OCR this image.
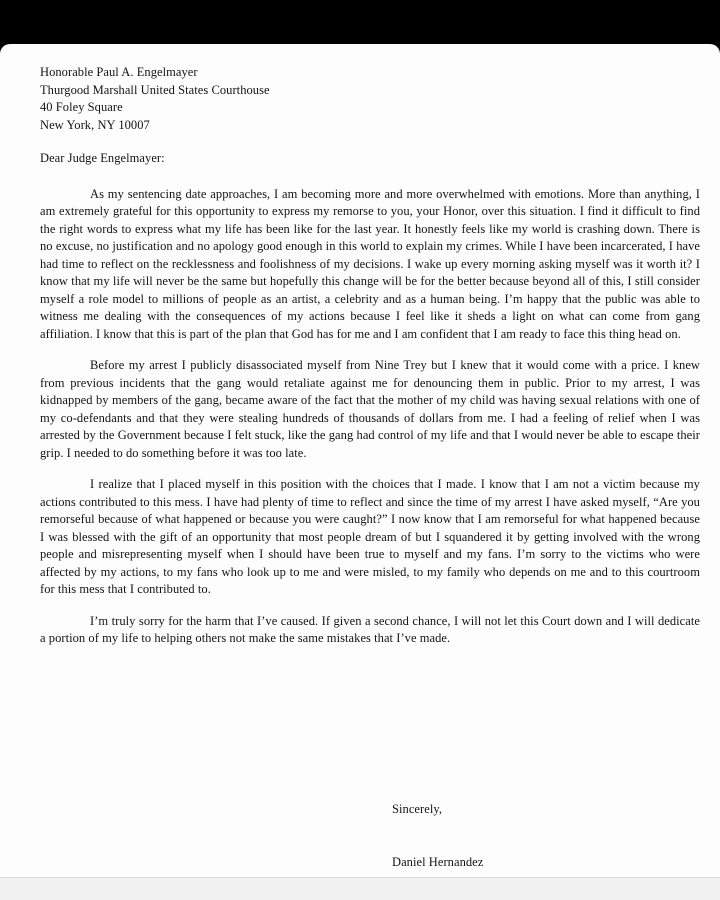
Honorable Paul A. Engelmayer
Thurgood Marshall United States Courthouse
40 Foley Square
New York, NY 10007
Dear Judge Engelmayer:

As my sentencing date approaches, I am becoming more and more overwhelmed with emotions. More than anything, I am extremely grateful for this opportunity to express my remorse to you, your Honor, over this situation. I find it difficult to find the right words to express what my life has been like for the last year. It honestly feels like my world is crashing down. There is no excuse, no justification and no apology good enough in this world to explain my crimes. While I have been incarcerated, I have had time to reflect on the recklessness and foolishness of my decisions. I wake up every morning asking myself was it worth it? I know that my life will never be the same but hopefully this change will be for the better because beyond all of this, I still consider myself a role model to millions of people as an artist, a celebrity and as a human being. I’m happy that the public was able to witness me dealing with the consequences of my actions because I feel like it sheds a light on what can come from gang affiliation. I know that this is part of the plan that God has for me and I am confident that I am ready to face this thing head on.

Before my arrest I publicly disassociated myself from Nine Trey but I knew that it would come with a price. I knew from previous incidents that the gang would retaliate against me for denouncing them in public. Prior to my arrest, I was kidnapped by members of the gang, became aware of the fact that the mother of my child was having sexual relations with one of my co-defendants and that they were stealing hundreds of thousands of dollars from me. I had a feeling of relief when I was arrested by the Government because I felt stuck, like the gang had control of my life and that I would never be able to escape their grip. I needed to do something before it was too late.

I realize that I placed myself in this position with the choices that I made. I know that I am not a victim because my actions contributed to this mess. I have had plenty of time to reflect and since the time of my arrest I have asked myself, “Are you remorseful because of what happened or because you were caught?” I now know that I am remorseful for what happened because I was blessed with the gift of an opportunity that most people dream of but I squandered it by getting involved with the wrong people and misrepresenting myself when I should have been true to myself and my fans. I’m sorry to the victims who were affected by my actions, to my fans who look up to me and were misled, to my family who depends on me and to this courtroom for this mess that I contributed to.

I’m truly sorry for the harm that I’ve caused. If given a second chance, I will not let this Court down and I will dedicate a portion of my life to helping others not make the same mistakes that I’ve made.

Sincerely,
Daniel Hernandez
